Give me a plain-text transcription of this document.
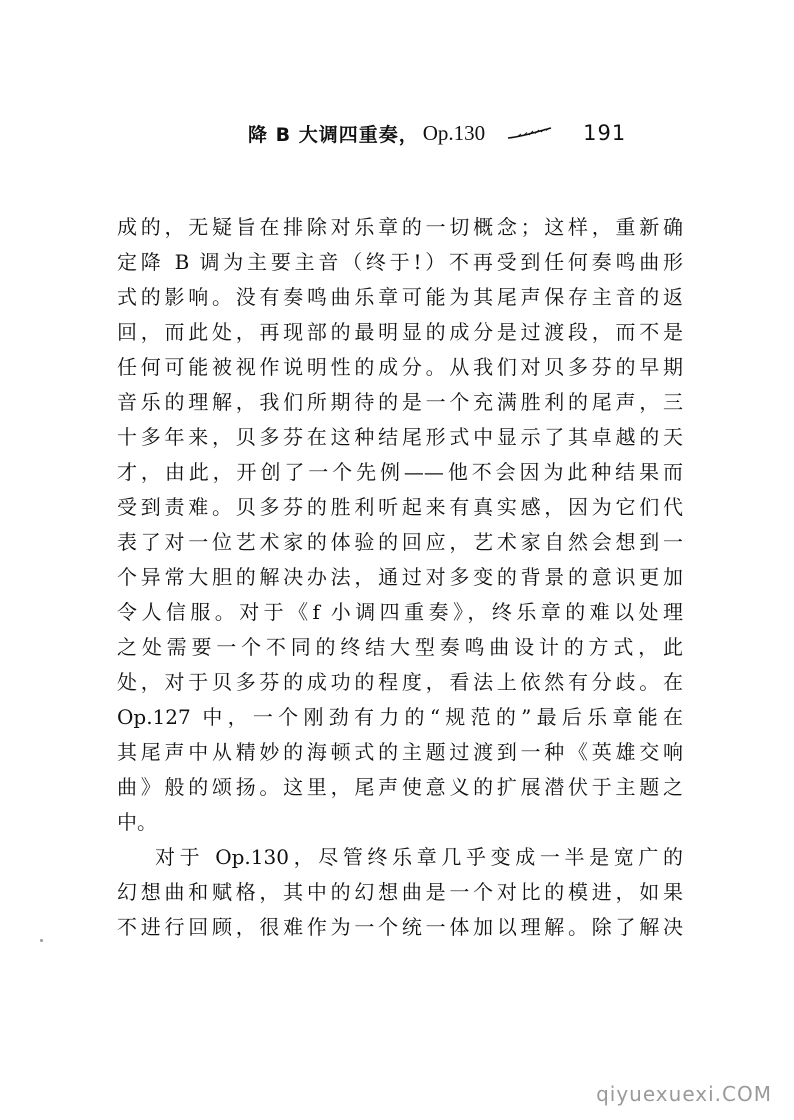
降 B 大调四重奏， Op.130	191
成的，无疑旨在排除对乐章的一切概念；这样，重新确
定降 B 调为主要主音（终于!）不再受到任何奏鸣曲形
式的影响。没有奏鸣曲乐章可能为其尾声保存主音的返
回，而此处，再现部的最明显的成分是过渡段，而不是
任何可能被视作说明性的成分。从我们对贝多芬的早期
音乐的理解，我们所期待的是一个充满胜利的尾声，三
十多年来，贝多芬在这种结尾形式中显示了其卓越的天
才，由此，开创了一个先例——他不会因为此种结果而
受到责难。贝多芬的胜利听起来有真实感，因为它们代
表了对一位艺术家的体验的回应，艺术家自然会想到一
个异常大胆的解决办法，通过对多变的背景的意识更加
令人信服。对于《f 小调四重奏》，终乐章的难以处理
之处需要一个不同的终结大型奏鸣曲设计的方式，此
处，对于贝多芬的成功的程度，看法上依然有分歧。在
Op.127 中，一个刚劲有力的“规范的”最后乐章能在
其尾声中从精妙的海顿式的主题过渡到一种《英雄交响
曲》般的颂扬。这里，尾声使意义的扩展潜伏于主题之
中。
对于 Op.130，尽管终乐章几乎变成一半是宽广的
幻想曲和赋格，其中的幻想曲是一个对比的模进，如果
不进行回顾，很难作为一个统一体加以理解。除了解决
qiyuexuexi.COM
